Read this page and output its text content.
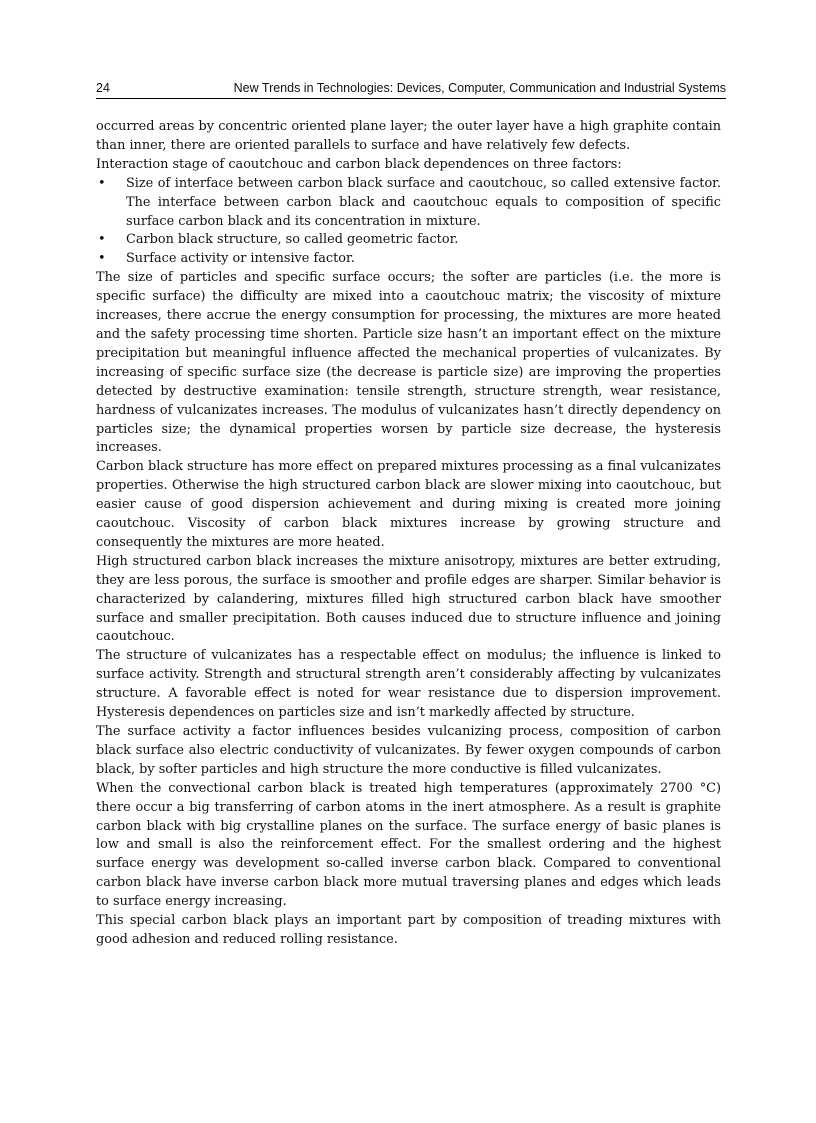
24	New Trends in Technologies: Devices, Computer, Communication and Industrial Systems

occurred areas by concentric oriented plane layer; the outer layer have a high graphite contain than inner, there are oriented parallels to surface and have relatively few defects.

Interaction stage of caoutchouc and carbon black dependences on three factors:

• Size of interface between carbon black surface and caoutchouc, so called extensive factor. The interface between carbon black and caoutchouc equals to composition of specific surface carbon black and its concentration in mixture.
• Carbon black structure, so called geometric factor.
• Surface activity or intensive factor.

The size of particles and specific surface occurs; the softer are particles (i.e. the more is specific surface) the difficulty are mixed into a caoutchouc matrix; the viscosity of mixture increases, there accrue the energy consumption for processing, the mixtures are more heated and the safety processing time shorten. Particle size hasn’t an important effect on the mixture precipitation but meaningful influence affected the mechanical properties of vulcanizates. By increasing of specific surface size (the decrease is particle size) are improving the properties detected by destructive examination: tensile strength, structure strength, wear resistance, hardness of vulcanizates increases. The modulus of vulcanizates hasn’t directly dependency on particles size; the dynamical properties worsen by particle size decrease, the hysteresis increases.

Carbon black structure has more effect on prepared mixtures processing as a final vulcanizates properties. Otherwise the high structured carbon black are slower mixing into caoutchouc, but easier cause of good dispersion achievement and during mixing is created more joining caoutchouc. Viscosity of carbon black mixtures increase by growing structure and consequently the mixtures are more heated.

High structured carbon black increases the mixture anisotropy, mixtures are better extruding, they are less porous, the surface is smoother and profile edges are sharper. Similar behavior is characterized by calandering, mixtures filled high structured carbon black have smoother surface and smaller precipitation. Both causes induced due to structure influence and joining caoutchouc.

The structure of vulcanizates has a respectable effect on modulus; the influence is linked to surface activity. Strength and structural strength aren’t considerably affecting by vulcanizates structure. A favorable effect is noted for wear resistance due to dispersion improvement. Hysteresis dependences on particles size and isn’t markedly affected by structure.

The surface activity a factor influences besides vulcanizing process, composition of carbon black surface also electric conductivity of vulcanizates. By fewer oxygen compounds of carbon black, by softer particles and high structure the more conductive is filled vulcanizates.

When the convectional carbon black is treated high temperatures (approximately 2700 °C) there occur a big transferring of carbon atoms in the inert atmosphere. As a result is graphite carbon black with big crystalline planes on the surface. The surface energy of basic planes is low and small is also the reinforcement effect. For the smallest ordering and the highest surface energy was development so-called inverse carbon black. Compared to conventional carbon black have inverse carbon black more mutual traversing planes and edges which leads to surface energy increasing.

This special carbon black plays an important part by composition of treading mixtures with good adhesion and reduced rolling resistance.
